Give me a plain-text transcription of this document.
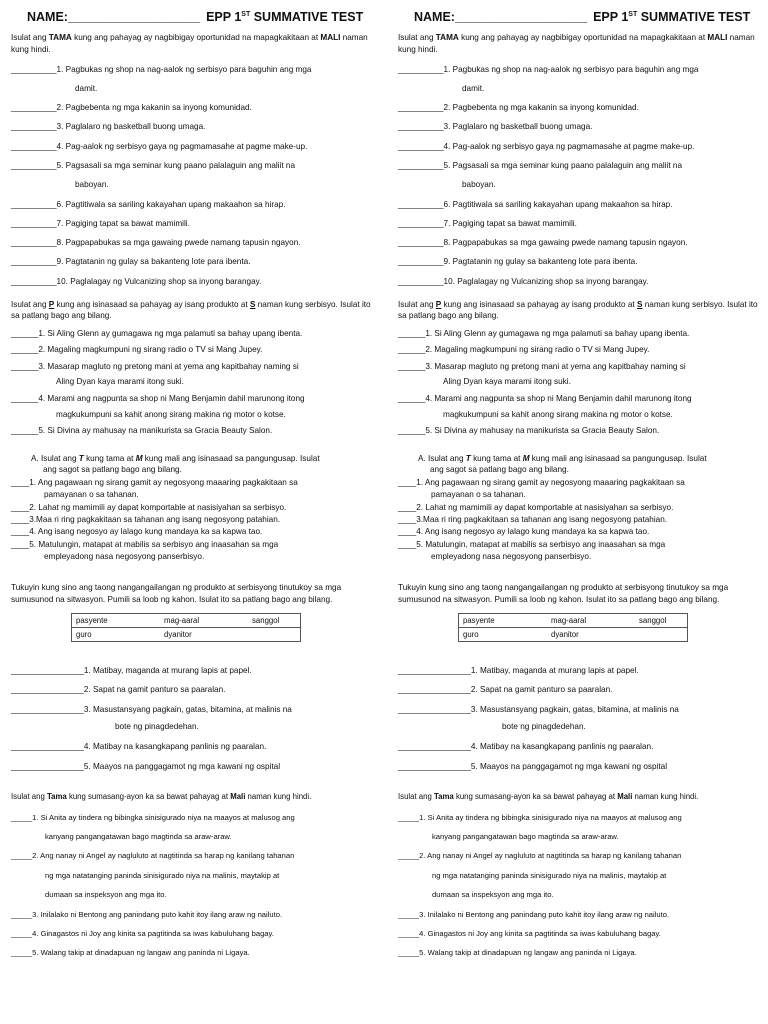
NAME:___________________ EPP 1ST SUMMATIVE TEST
Isulat ang TAMA kung ang pahayag ay nagbibigay oportunidad na mapagkakitaan at MALI naman kung hindi.
__________1. Pagbukas ng shop na nag-aalok ng serbisyo para baguhin ang mga
damit.
__________2. Pagbebenta ng mga kakanin sa inyong komunidad.
__________3. Paglalaro ng basketball buong umaga.
__________4. Pag-aalok ng serbisyo gaya ng pagmamasahe at pagme make-up.
__________5. Pagsasali sa mga seminar kung paano palalaguin ang maliit na
baboyan.
__________6. Pagtitiwala sa sariling kakayahan upang makaahon sa hirap.
__________7. Pagiging tapat sa bawat mamimili.
__________8. Pagpapabukas sa mga gawaing pwede namang tapusin ngayon.
__________9. Pagtatanin ng gulay sa bakanteng lote para ibenta.
__________10. Paglalagay ng Vulcanizing shop sa inyong barangay.
Isulat ang P kung ang isinasaad sa pahayag ay isang produkto at S naman kung serbisyo. Isulat ito sa patlang bago ang bilang.
______1. Si Aling Glenn ay gumagawa ng mga palamuti sa bahay upang ibenta.
______2. Magaling magkumpuni ng sirang radio o TV si Mang Jupey.
______3. Masarap magluto ng pretong mani at yema ang kapitbahay naming si
Aling Dyan kaya marami itong suki.
______4. Marami ang nagpunta sa shop ni Mang Benjamin dahil marunong itong
magkukumpuni sa kahit anong sirang makina ng motor o kotse.
______5. Si Divina ay mahusay na manikurista sa Gracia Beauty Salon.
A. Isulat ang T kung tama at M kung mali ang isinasaad sa pangungusap. Isulat
ang sagot sa patlang bago ang bilang.
____1. Ang pagawaan ng sirang gamit ay negosyong maaaring pagkakitaan sa
pamayanan o sa tahanan.
____2. Lahat ng mamimili ay dapat komportable at nasisiyahan sa serbisyo.
____3.Maa ri ring pagkakitaan sa tahanan ang isang negosyong patahian.
____4. Ang isang negosyo ay lalago kung mandaya ka sa kapwa tao.
____5. Matulungin, matapat at mabilis sa serbisyo ang inaasahan sa mga
empleyadong nasa negosyong panserbisyo.
Tukuyin kung sino ang taong nangangailangan ng produkto at serbisyong tinutukoy sa mga sumusunod na sitwasyon. Pumili sa loob ng kahon. Isulat ito sa patlang bago ang bilang.
pasyente	mag-aaral	sanggol
guro	dyanitor
________________1. Matibay, maganda at murang lapis at papel.
________________2. Sapat na gamit panturo sa paaralan.
________________3. Masustansyang pagkain, gatas, bitamina, at malinis na
bote ng pinagdedehan.
________________4. Matibay na kasangkapang panlinis ng paaralan.
________________5. Maayos na panggagamot ng mga kawani ng ospital
Isulat ang Tama kung sumasang-ayon ka sa bawat pahayag at Mali naman kung hindi.
_____1. Si Anita ay tindera ng bibingka sinisigurado niya na maayos at malusog ang
kanyang pangangatawan bago magtinda sa araw-araw.
_____2. Ang nanay ni Angel ay nagluluto at nagtitinda sa harap ng kanilang tahanan
ng mga natatanging paninda sinisigurado niya na malinis, maytakip at
dumaan sa inspeksyon ang mga ito.
_____3. Inilalako ni Bentong ang panindang puto kahit itoy ilang araw ng nailuto.
_____4. Ginagastos ni Joy ang kinita sa pagtitinda sa iwas kabuluhang bagay.
_____5. Walang takip at dinadapuan ng langaw ang paninda ni Ligaya.
NAME:___________________ EPP 1ST SUMMATIVE TEST
Isulat ang TAMA kung ang pahayag ay nagbibigay oportunidad na mapagkakitaan at MALI naman kung hindi.
__________1. Pagbukas ng shop na nag-aalok ng serbisyo para baguhin ang mga
damit.
__________2. Pagbebenta ng mga kakanin sa inyong komunidad.
__________3. Paglalaro ng basketball buong umaga.
__________4. Pag-aalok ng serbisyo gaya ng pagmamasahe at pagme make-up.
__________5. Pagsasali sa mga seminar kung paano palalaguin ang maliit na
baboyan.
__________6. Pagtitiwala sa sariling kakayahan upang makaahon sa hirap.
__________7. Pagiging tapat sa bawat mamimili.
__________8. Pagpapabukas sa mga gawaing pwede namang tapusin ngayon.
__________9. Pagtatanin ng gulay sa bakanteng lote para ibenta.
__________10. Paglalagay ng Vulcanizing shop sa inyong barangay.
Isulat ang P kung ang isinasaad sa pahayag ay isang produkto at S naman kung serbisyo. Isulat ito sa patlang bago ang bilang.
______1. Si Aling Glenn ay gumagawa ng mga palamuti sa bahay upang ibenta.
______2. Magaling magkumpuni ng sirang radio o TV si Mang Jupey.
______3. Masarap magluto ng pretong mani at yema ang kapitbahay naming si
Aling Dyan kaya marami itong suki.
______4. Marami ang nagpunta sa shop ni Mang Benjamin dahil marunong itong
magkukumpuni sa kahit anong sirang makina ng motor o kotse.
______5. Si Divina ay mahusay na manikurista sa Gracia Beauty Salon.
A. Isulat ang T kung tama at M kung mali ang isinasaad sa pangungusap. Isulat
ang sagot sa patlang bago ang bilang.
____1. Ang pagawaan ng sirang gamit ay negosyong maaaring pagkakitaan sa
pamayanan o sa tahanan.
____2. Lahat ng mamimili ay dapat komportable at nasisiyahan sa serbisyo.
____3.Maa ri ring pagkakitaan sa tahanan ang isang negosyong patahian.
____4. Ang isang negosyo ay lalago kung mandaya ka sa kapwa tao.
____5. Matulungin, matapat at mabilis sa serbisyo ang inaasahan sa mga
empleyadong nasa negosyong panserbisyo.
Tukuyin kung sino ang taong nangangailangan ng produkto at serbisyong tinutukoy sa mga sumusunod na sitwasyon. Pumili sa loob ng kahon. Isulat ito sa patlang bago ang bilang.
pasyente	mag-aaral	sanggol
guro	dyanitor
________________1. Matibay, maganda at murang lapis at papel.
________________2. Sapat na gamit panturo sa paaralan.
________________3. Masustansyang pagkain, gatas, bitamina, at malinis na
bote ng pinagdedehan.
________________4. Matibay na kasangkapang panlinis ng paaralan.
________________5. Maayos na panggagamot ng mga kawani ng ospital
Isulat ang Tama kung sumasang-ayon ka sa bawat pahayag at Mali naman kung hindi.
_____1. Si Anita ay tindera ng bibingka sinisigurado niya na maayos at malusog ang
kanyang pangangatawan bago magtinda sa araw-araw.
_____2. Ang nanay ni Angel ay nagluluto at nagtitinda sa harap ng kanilang tahanan
ng mga natatanging paninda sinisigurado niya na malinis, maytakip at
dumaan sa inspeksyon ang mga ito.
_____3. Inilalako ni Bentong ang panindang puto kahit itoy ilang araw ng nailuto.
_____4. Ginagastos ni Joy ang kinita sa pagtitinda sa iwas kabuluhang bagay.
_____5. Walang takip at dinadapuan ng langaw ang paninda ni Ligaya.
